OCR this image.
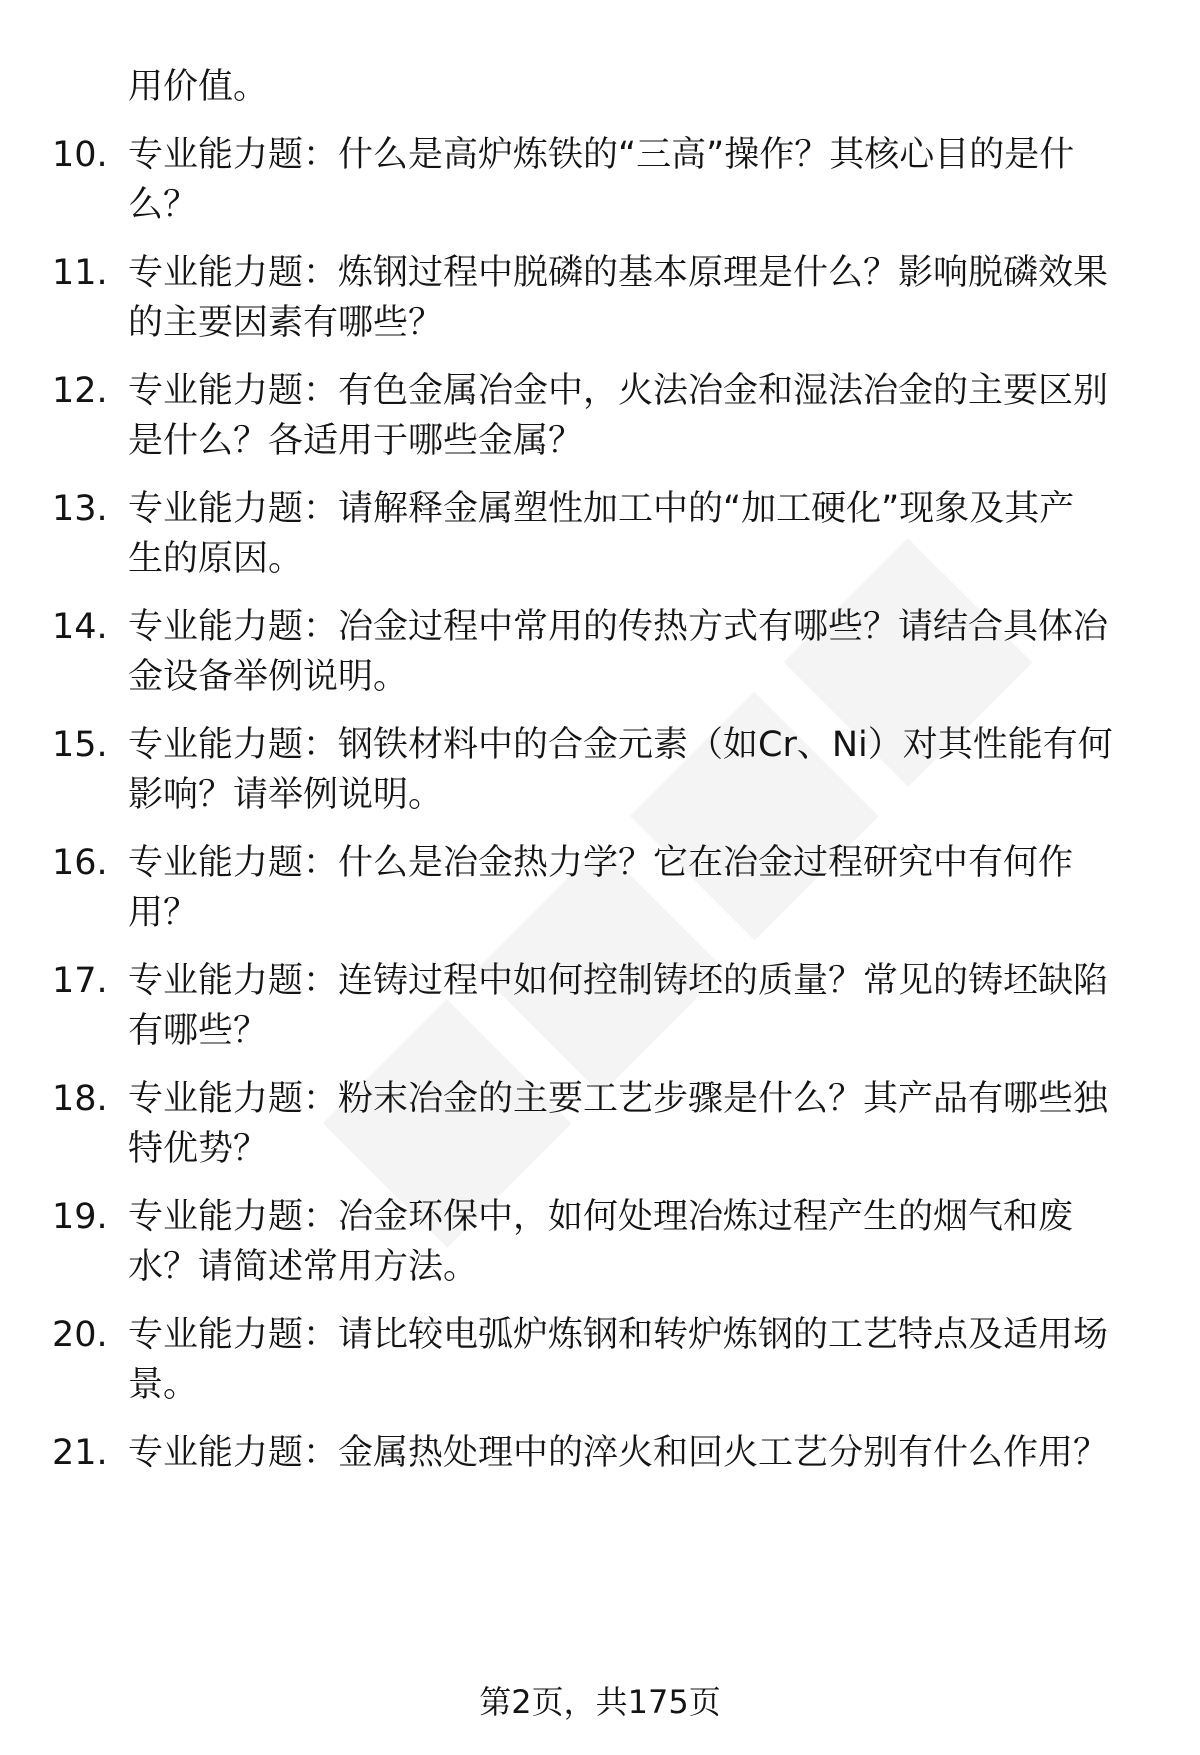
用价值。
10. 专业能力题：什么是高炉炼铁的“三高”操作？其核心目的是什
么？
11. 专业能力题：炼钢过程中脱磷的基本原理是什么？影响脱磷效果
的主要因素有哪些？
12. 专业能力题：有色金属冶金中，火法冶金和湿法冶金的主要区别
是什么？各适用于哪些金属？
13. 专业能力题：请解释金属塑性加工中的“加工硬化”现象及其产
生的原因。
14. 专业能力题：冶金过程中常用的传热方式有哪些？请结合具体冶
金设备举例说明。
15. 专业能力题：钢铁材料中的合金元素（如Cr、Ni）对其性能有何
影响？请举例说明。
16. 专业能力题：什么是冶金热力学？它在冶金过程研究中有何作
用？
17. 专业能力题：连铸过程中如何控制铸坯的质量？常见的铸坯缺陷
有哪些？
18. 专业能力题：粉末冶金的主要工艺步骤是什么？其产品有哪些独
特优势？
19. 专业能力题：冶金环保中，如何处理冶炼过程产生的烟气和废
水？请简述常用方法。
20. 专业能力题：请比较电弧炉炼钢和转炉炼钢的工艺特点及适用场
景。
21. 专业能力题：金属热处理中的淬火和回火工艺分别有什么作用？
第2页，共175页
